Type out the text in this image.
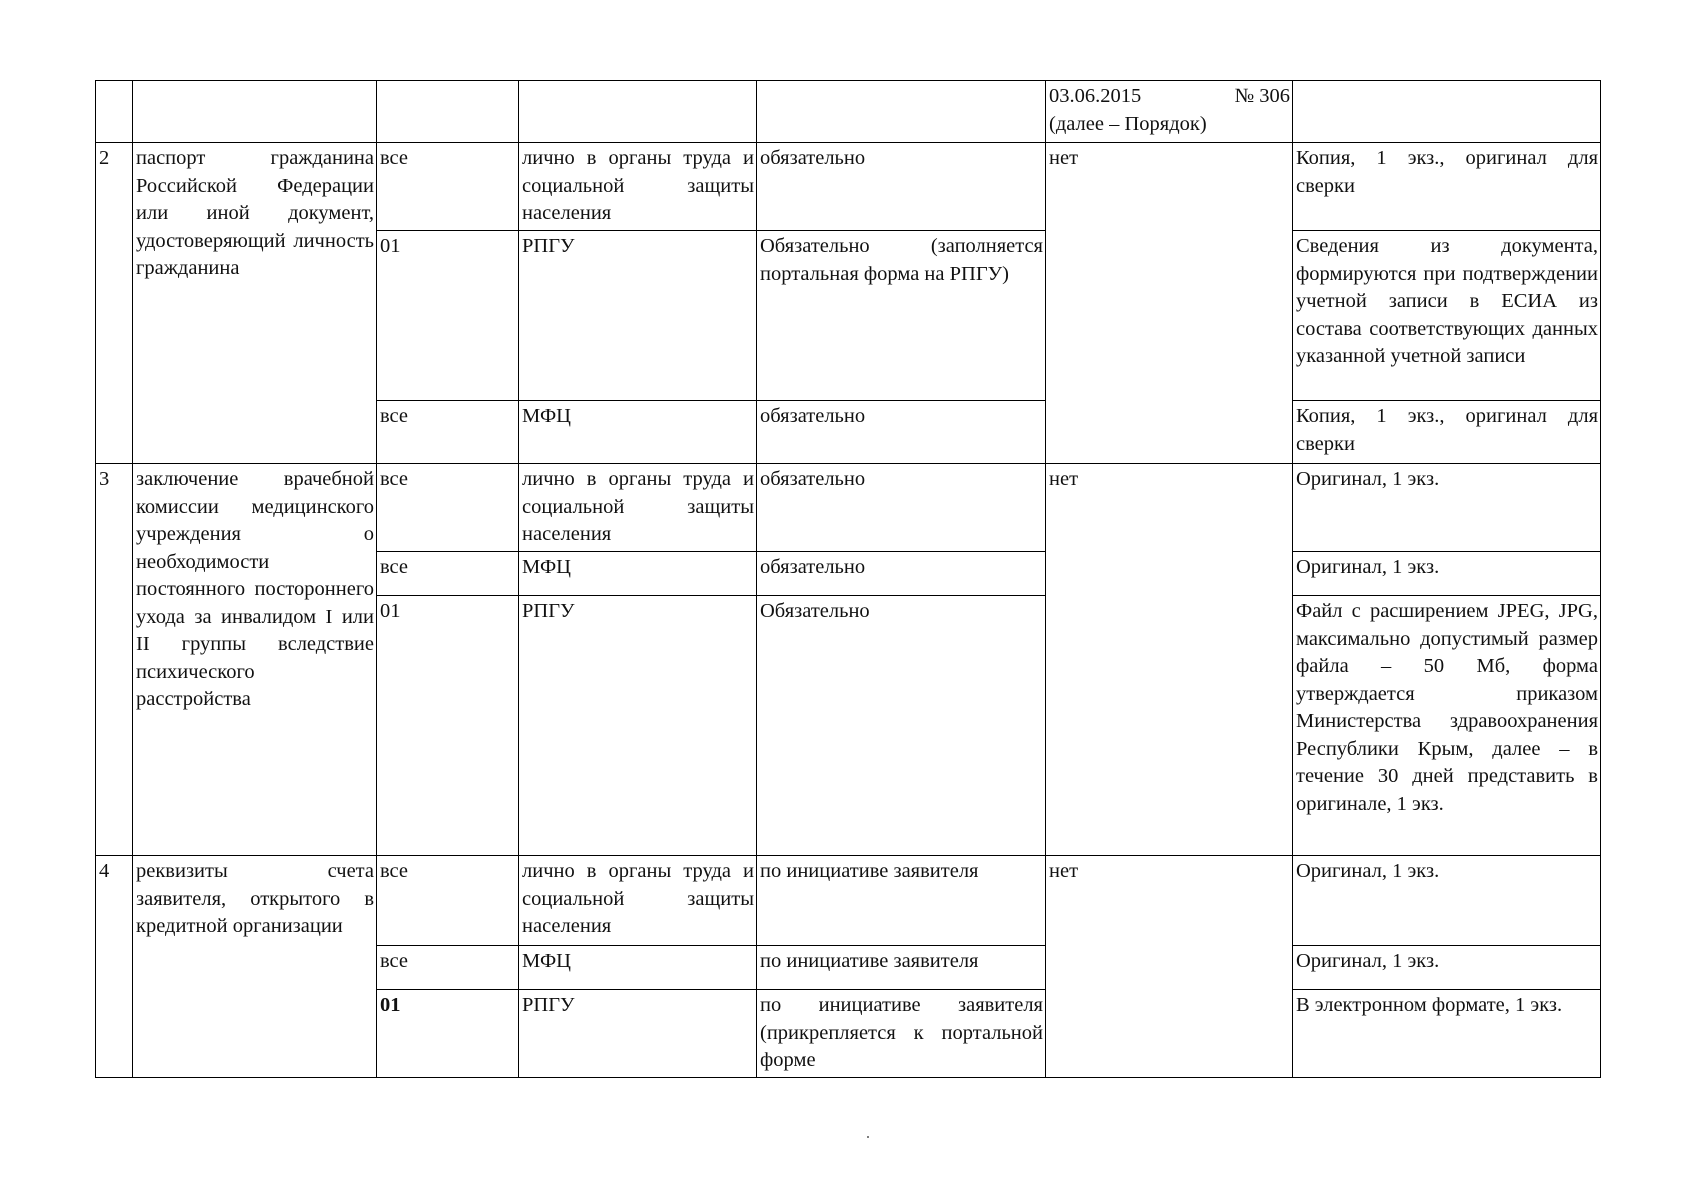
					03.06.2015 № 306
(далее – Порядок)	

2	паспорт гражданина Российской Федерации или иной документ, удостоверяющий личность гражданина	все	лично в органы труда и социальной защиты населения	обязательно	нет	Копия, 1 экз., оригинал для сверки
		01	РПГУ	Обязательно (заполняется портальная форма на РПГУ)		Сведения из документа, формируются при подтверждении учетной записи в ЕСИА из состава соответствующих данных указанной учетной записи
		все	МФЦ	обязательно		Копия, 1 экз., оригинал для сверки
3	заключение врачебной комиссии медицинского учреждения о необходимости постоянного постороннего ухода за инвалидом I или II группы вследствие психического расстройства	все	лично в органы труда и социальной защиты населения	обязательно	нет	Оригинал, 1 экз.
		все	МФЦ	обязательно		Оригинал, 1 экз.
		01	РПГУ	Обязательно		Файл с расширением JPEG, JPG, максимально допустимый размер файла – 50 Мб, форма утверждается приказом Министерства здравоохранения Республики Крым, далее – в течение 30 дней представить в оригинале, 1 экз.
4	реквизиты счета заявителя, открытого в кредитной организации	все	лично в органы труда и социальной защиты населения	по инициативе заявителя	нет	Оригинал, 1 экз.
		все	МФЦ	по инициативе заявителя		Оригинал, 1 экз.
		01	РПГУ	по инициативе заявителя (прикрепляется к портальной форме		В электронном формате, 1 экз.
